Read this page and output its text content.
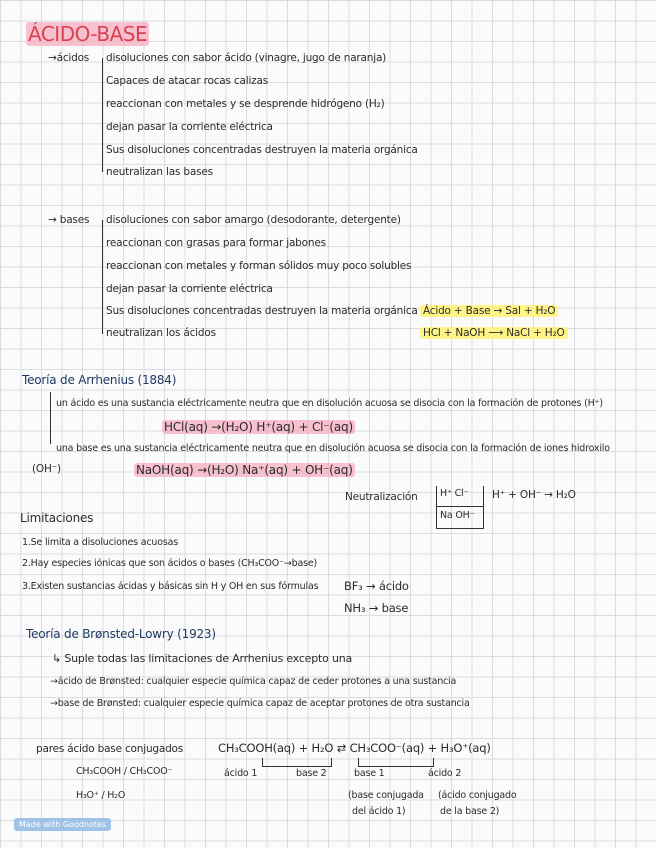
ÁCIDO-BASE
→ácidos disoluciones con sabor ácido (vinagre, jugo de naranja)
Capaces de atacar rocas calizas
reaccionan con metales y se desprende hidrógeno (H₂)
dejan pasar la corriente eléctrica
Sus disoluciones concentradas destruyen la materia orgánica
neutralizan las bases
→ bases disoluciones con sabor amargo (desodorante, detergente)
reaccionan con grasas para formar jabones
reaccionan con metales y forman sólidos muy poco solubles
dejan pasar la corriente eléctrica
Sus disoluciones concentradas destruyen la materia orgánica
neutralizan los ácidos
Ácido + Base → Sal + H₂O
HCl + NaOH ⟶ NaCl + H₂O
Teoría de Arrhenius (1884)
un ácido es una sustancia eléctricamente neutra que en disolución acuosa se disocia con la formación de protones (H⁺)
HCl(aq) →(H₂O) H⁺(aq) + Cl⁻(aq)
una base es una sustancia eléctricamente neutra que en disolución acuosa se disocia con la formación de iones hidroxilo
(OH⁻)	NaOH(aq) →(H₂O) Na⁺(aq) + OH⁻(aq)
Neutralización H⁺ Cl⁻
Na OH⁻
H⁺ + OH⁻ → H₂O
Limitaciones
1.Se limita a disoluciones acuosas
2.Hay especies iónicas que son ácidos o bases (CH₃COO⁻→base)
3.Existen sustancias ácidas y básicas sin H y OH en sus fórmulas BF₃ → ácido
NH₃ → base
Teoría de Brønsted-Lowry (1923)
↳ Suple todas las limitaciones de Arrhenius excepto una
→ácido de Brønsted: cualquier especie química capaz de ceder protones a una sustancia
→base de Brønsted: cualquier especie química capaz de aceptar protones de otra sustancia
pares ácido base conjugados
CH₃COOH / CH₃COO⁻
H₃O⁺ / H₂O
CH₃COOH(aq) + H₂O ⇄ CH₃COO⁻(aq) + H₃O⁺(aq)
ácido 1	base 2	base 1	ácido 2
(base conjugada
del ácido 1)
(ácido conjugado
de la base 2)
Made with Goodnotes
